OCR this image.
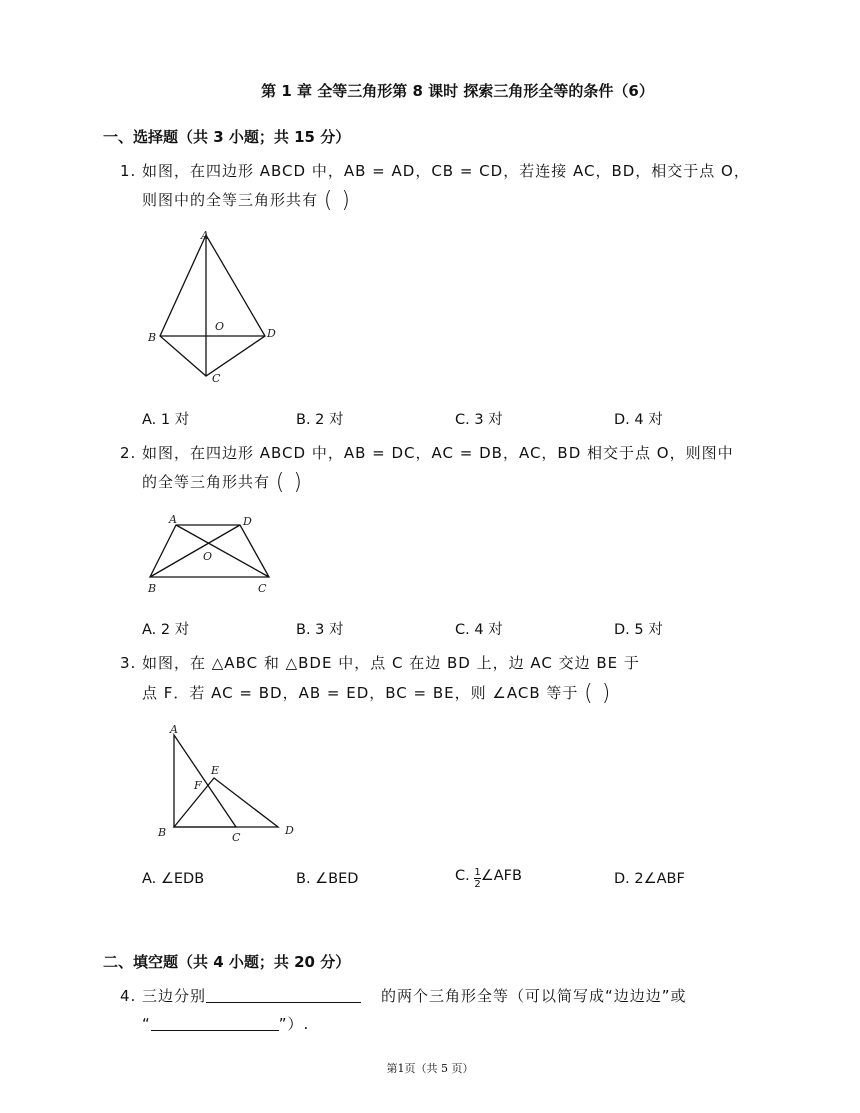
第 1 章 全等三角形第 8 课时 探索三角形全等的条件（6）
一、选择题（共 3 小题；共 15 分）
1. 如图，在四边形 ABCD 中，AB = AD，CB = CD，若连接 AC，BD，相交于点 O，
则图中的全等三角形共有 ( )
A
B	D
O
C
A. 1 对	B. 2 对	C. 3 对	D. 4 对
2. 如图，在四边形 ABCD 中，AB = DC，AC = DB，AC，BD 相交于点 O，则图中
的全等三角形共有 ( )
A	D
O
B	C
A. 2 对	B. 3 对	C. 4 对	D. 5 对
3. 如图，在 △ABC 和 △BDE 中，点 C 在边 BD 上，边 AC 交边 BE 于
点 F．若 AC = BD，AB = ED，BC = BE，则 ∠ACB 等于 ( )
A
E
F
B	C
D
A. ∠EDB	B. ∠BED	C. $\frac{1}{2}$ ∠AFB	D. 2∠ABF
二、填空题（共 4 小题；共 20 分）
4. 三边分别	的两个三角形全等（可以简写成“边边边”或
“	”）.
第1页（共 5 页）
